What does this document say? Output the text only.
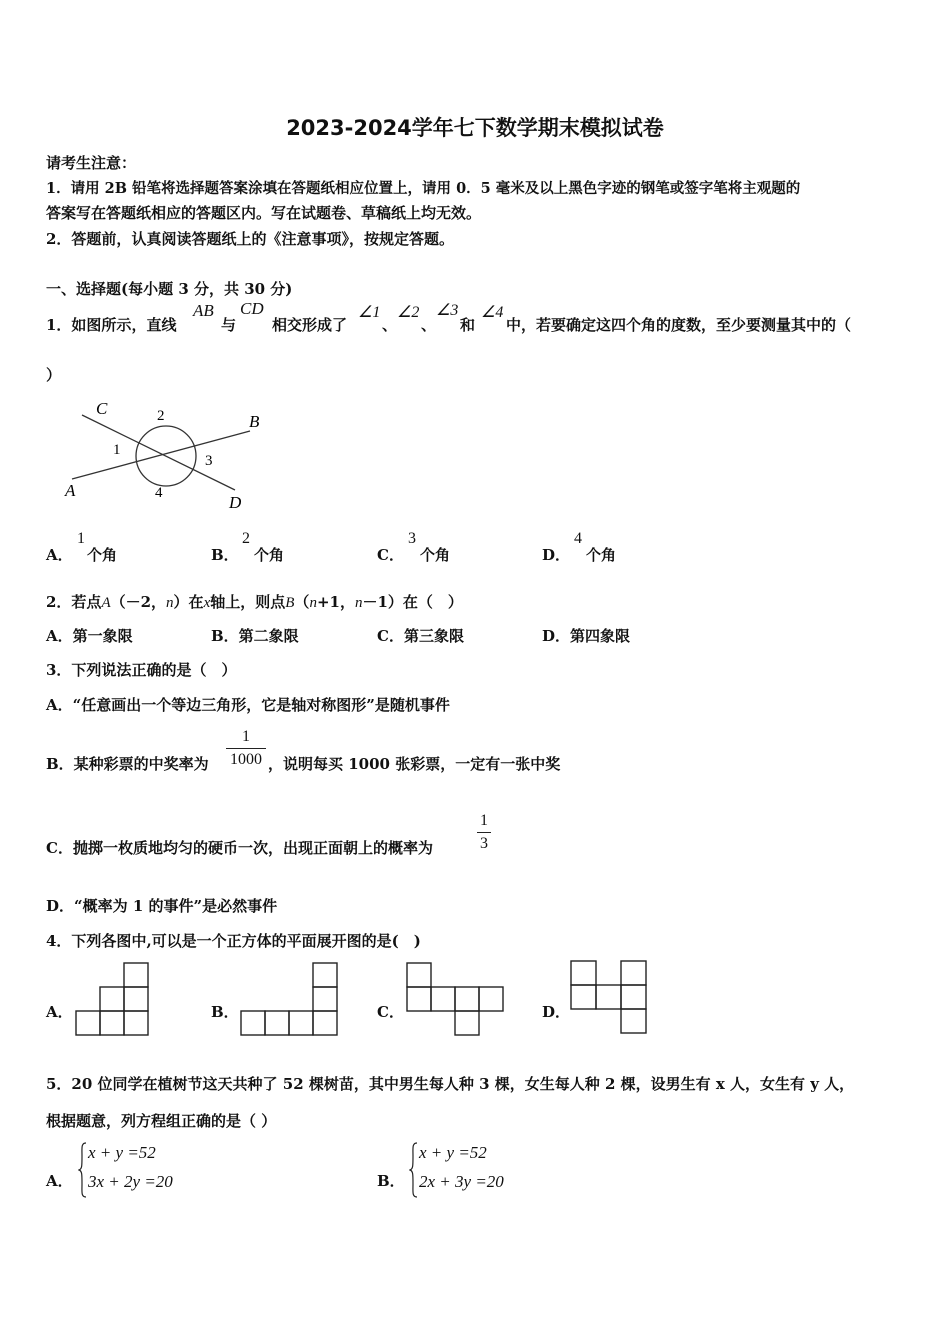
2023-2024学年七下数学期末模拟试卷
请考生注意：
1．请用 2B 铅笔将选择题答案涂填在答题纸相应位置上，请用 0．5 毫米及以上黑色字迹的钢笔或签字笔将主观题的
答案写在答题纸相应的答题区内。写在试题卷、草稿纸上均无效。
2．答题前，认真阅读答题纸上的《注意事项》，按规定答题。
一、选择题(每小题 3 分，共 30 分)
1．如图所示，直线
AB
与
CD
相交形成了
∠1
、
∠2
、
∠3
和
∠4
中，若要确定这四个角的度数，至少要测量其中的（
）
C
B
A
D
1
2
3
4
A．
1
个角	B．
2
个角	C．
3
个角	D．
4
个角
2．若点A（－2，n）在x轴上，则点B（n+1，n－1）在（　）
A．第一象限	B．第二象限	C．第三象限	D．第四象限
3．下列说法正确的是（　）
A．“任意画出一个等边三角形，它是轴对称图形”是随机事件
B．某种彩票的中奖率为
1
1000 ，说明每买 1000 张彩票，一定有一张中奖
C．抛掷一枚质地均匀的硬币一次，出现正面朝上的概率为
1
3
D．“概率为 1 的事件”是必然事件
4．下列各图中,可以是一个正方体的平面展开图的是(　)
A．	B．	C．	D．
5．20 位同学在植树节这天共种了 52 棵树苗，其中男生每人种 3 棵，女生每人种 2 棵，设男生有 x 人，女生有 y 人，
根据题意，列方程组正确的是（ ）
A．
x + y =52
3x + 2y =20	B．
x + y =52
2x + 3y =20
